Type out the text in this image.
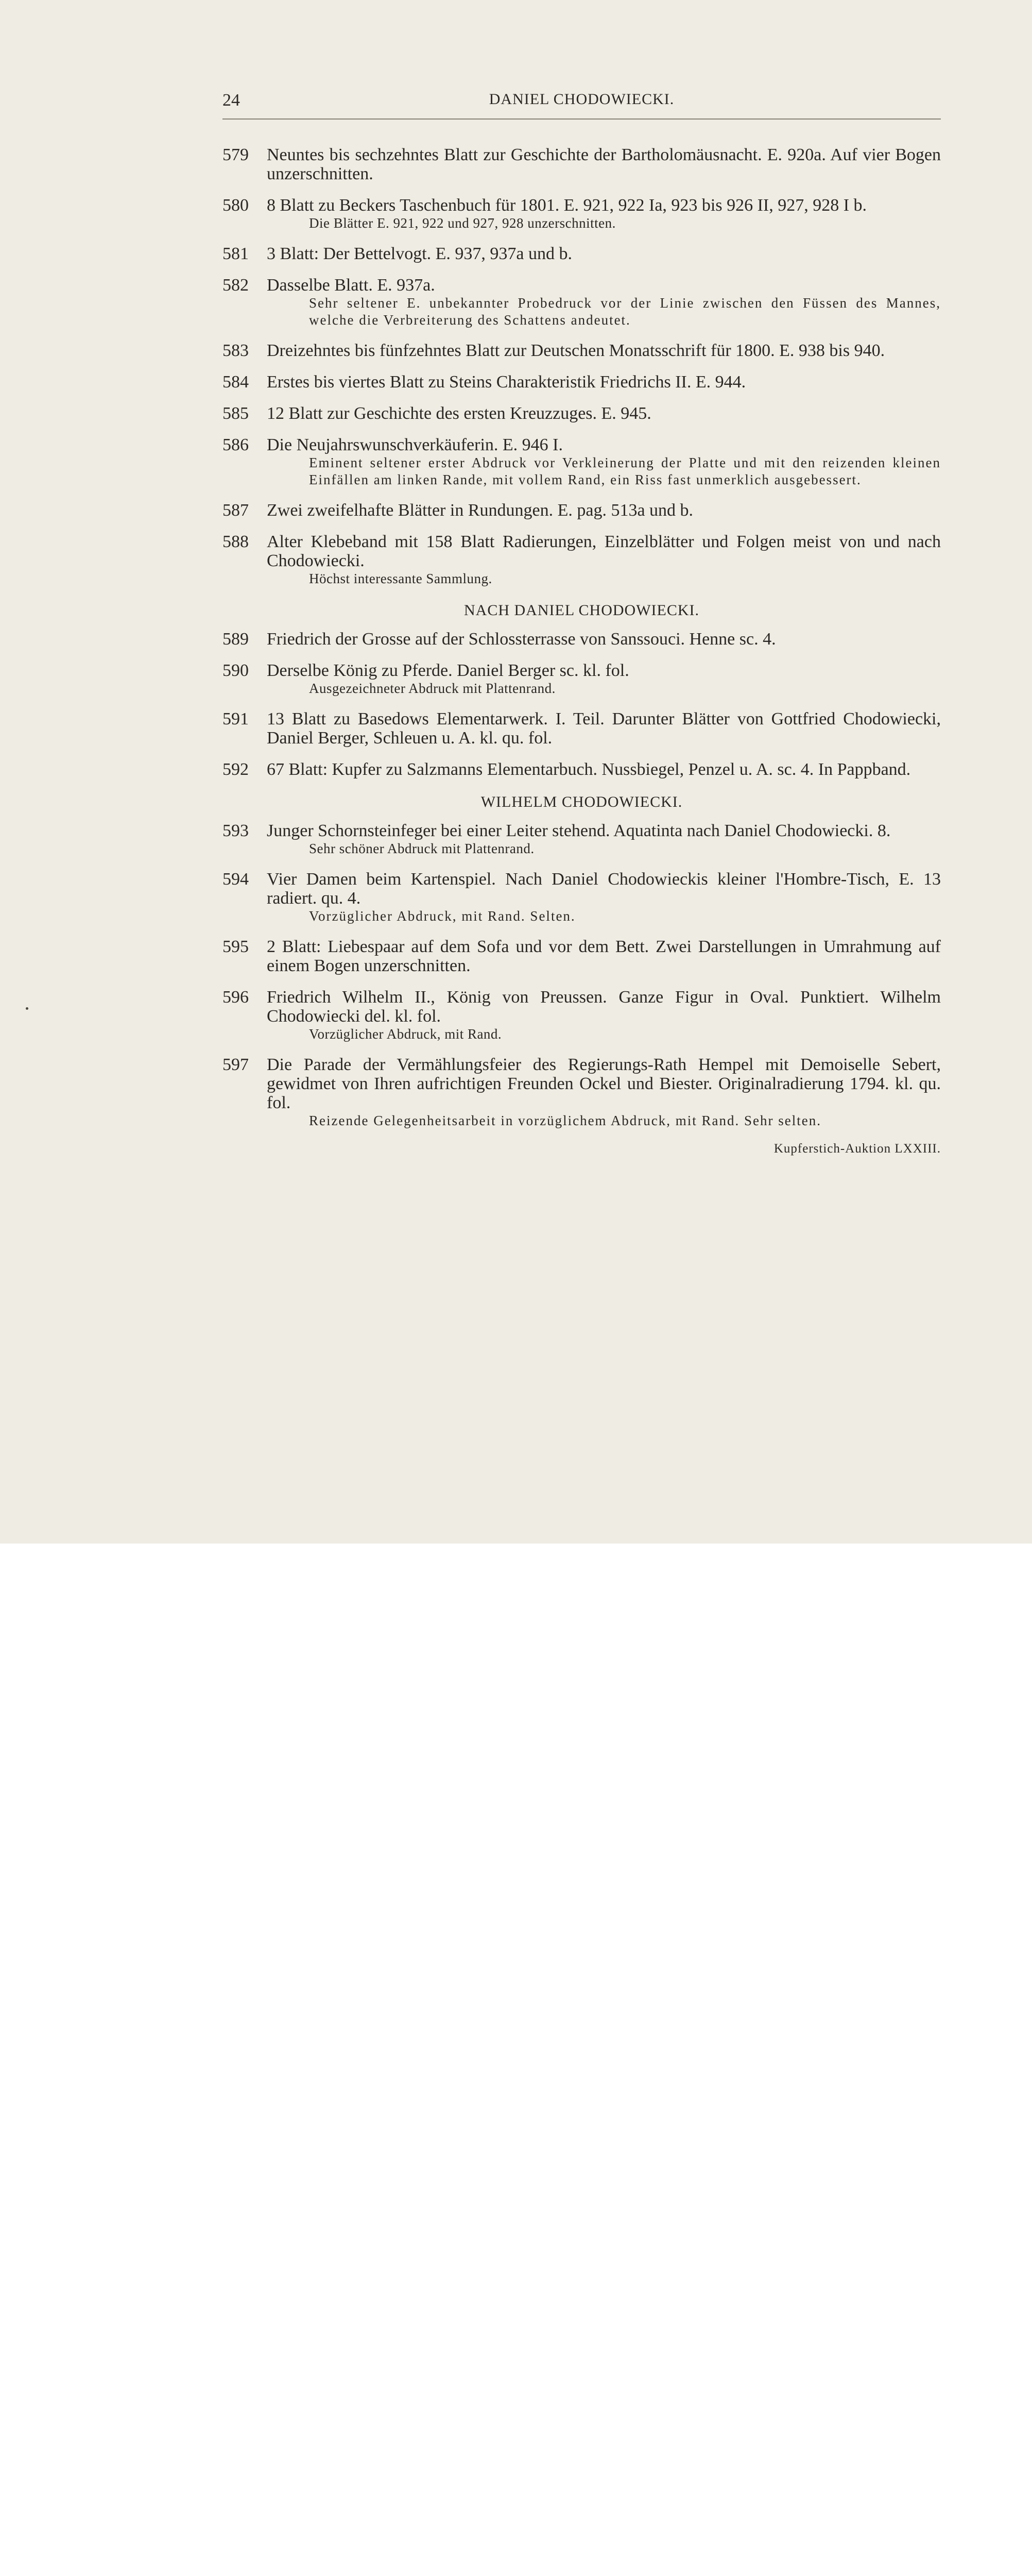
24	DANIEL CHODOWIECKI.
579 Neuntes bis sechzehntes Blatt zur Geschichte der Bartholomäusnacht. E. 920a. Auf vier Bogen unzerschnitten.
580 8 Blatt zu Beckers Taschenbuch für 1801. E. 921, 922 Ia, 923 bis 926 II, 927, 928 I b.
Die Blätter E. 921, 922 und 927, 928 unzerschnitten.
581 3 Blatt: Der Bettelvogt. E. 937, 937a und b.
582 Dasselbe Blatt. E. 937a.
Sehr seltener E. unbekannter Probedruck vor der Linie zwischen den Füssen des Mannes, welche die Verbreiterung des Schattens andeutet.
583 Dreizehntes bis fünfzehntes Blatt zur Deutschen Monatsschrift für 1800. E. 938 bis 940.
584 Erstes bis viertes Blatt zu Steins Charakteristik Friedrichs II. E. 944.
585 12 Blatt zur Geschichte des ersten Kreuzzuges. E. 945.
586 Die Neujahrswunschverkäuferin. E. 946 I.
Eminent seltener erster Abdruck vor Verkleinerung der Platte und mit den reizenden kleinen Einfällen am linken Rande, mit vollem Rand, ein Riss fast unmerklich ausgebessert.
587 Zwei zweifelhafte Blätter in Rundungen. E. pag. 513a und b.
588 Alter Klebeband mit 158 Blatt Radierungen, Einzelblätter und Folgen meist von und nach Chodowiecki.
Höchst interessante Sammlung.
NACH DANIEL CHODOWIECKI.
589 Friedrich der Grosse auf der Schlossterrasse von Sanssouci. Henne sc. 4.
590 Derselbe König zu Pferde. Daniel Berger sc. kl. fol.
Ausgezeichneter Abdruck mit Plattenrand.
591 13 Blatt zu Basedows Elementarwerk. I. Teil. Darunter Blätter von Gottfried Chodowiecki, Daniel Berger, Schleuen u. A. kl. qu. fol.
592 67 Blatt: Kupfer zu Salzmanns Elementarbuch. Nussbiegel, Penzel u. A. sc. 4. In Pappband.
WILHELM CHODOWIECKI.
593 Junger Schornsteinfeger bei einer Leiter stehend. Aquatinta nach Daniel Chodowiecki. 8.
Sehr schöner Abdruck mit Plattenrand.
594 Vier Damen beim Kartenspiel. Nach Daniel Chodowieckis kleiner l'Hombre-Tisch, E. 13 radiert. qu. 4.
Vorzüglicher Abdruck, mit Rand. Selten.
595 2 Blatt: Liebespaar auf dem Sofa und vor dem Bett. Zwei Darstellungen in Umrahmung auf einem Bogen unzerschnitten.
596 Friedrich Wilhelm II., König von Preussen. Ganze Figur in Oval. Punktiert. Wilhelm Chodowiecki del. kl. fol.
Vorzüglicher Abdruck, mit Rand.
597 Die Parade der Vermählungsfeier des Regierungs-Rath Hempel mit Demoiselle Sebert, gewidmet von Ihren aufrichtigen Freunden Ockel und Biester. Originalradierung 1794. kl. qu. fol.
Reizende Gelegenheitsarbeit in vorzüglichem Abdruck, mit Rand. Sehr selten.
Kupferstich-Auktion LXXIII.
